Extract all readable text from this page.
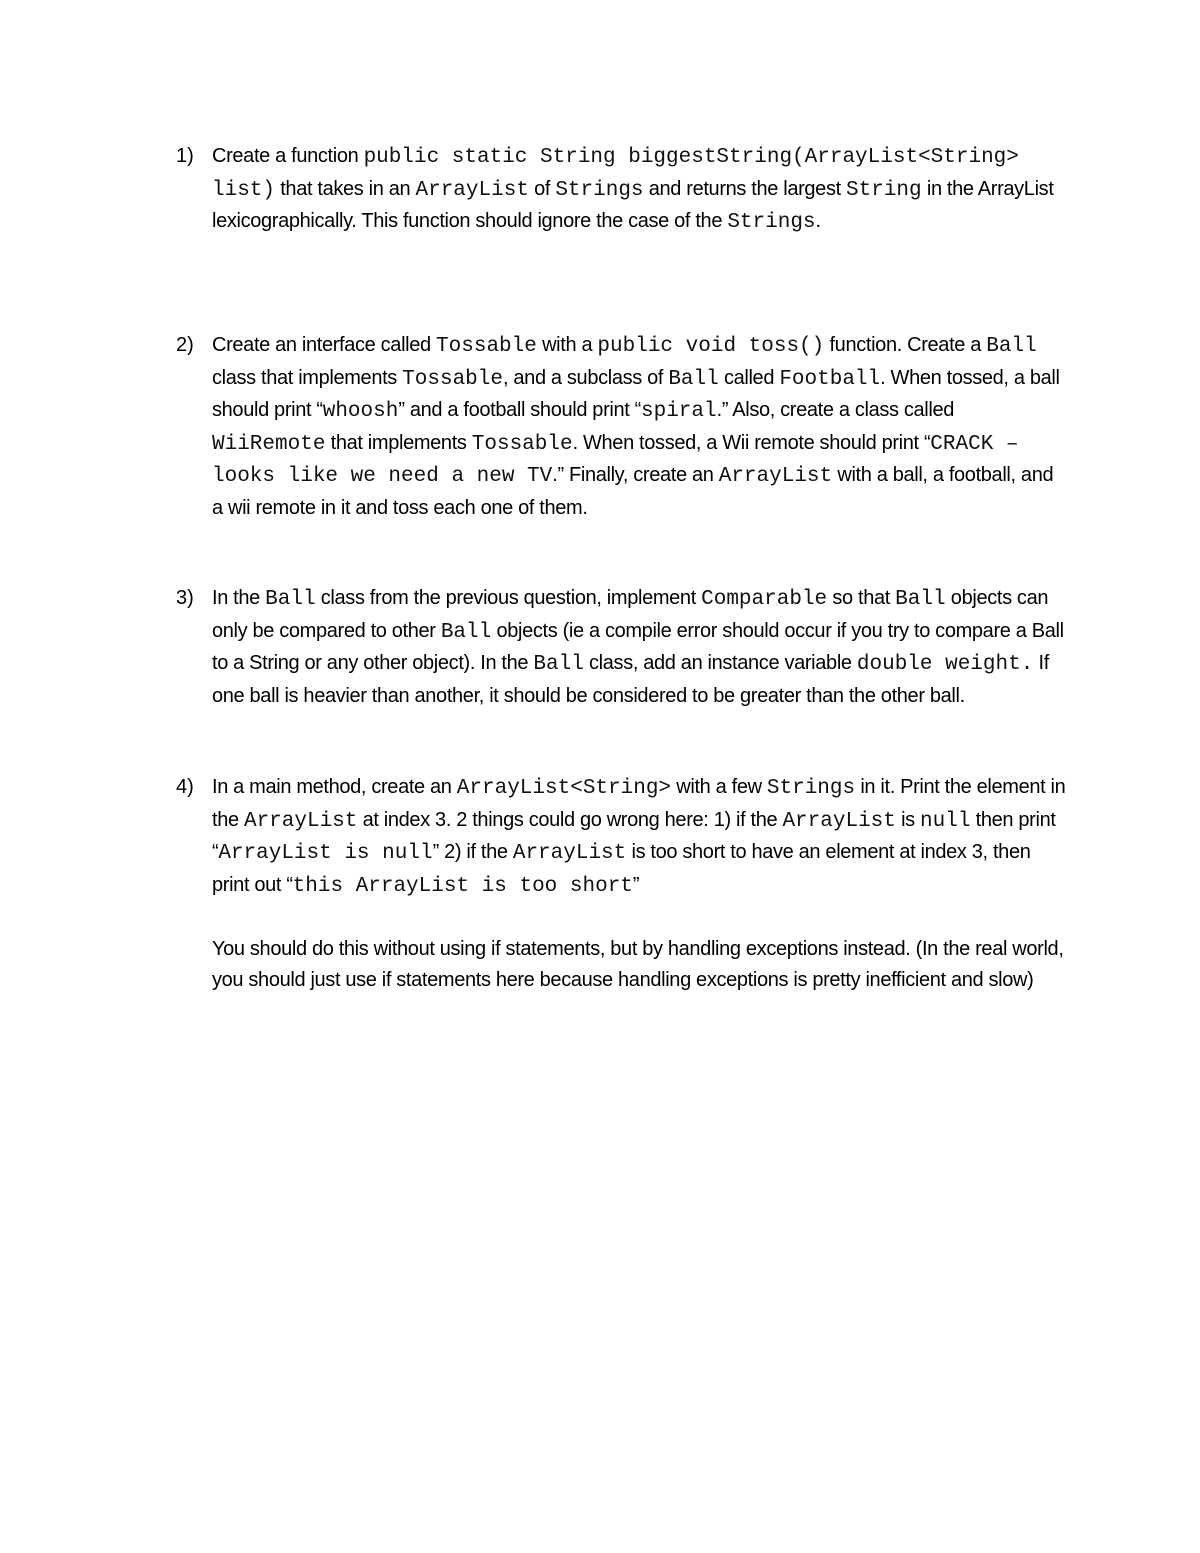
1) Create a function public static String biggestString(ArrayList<String> list) that takes in an ArrayList of Strings and returns the largest String in the ArrayList lexicographically. This function should ignore the case of the Strings.

2) Create an interface called Tossable with a public void toss() function. Create a Ball class that implements Tossable, and a subclass of Ball called Football. When tossed, a ball should print “whoosh” and a football should print “spiral.” Also, create a class called WiiRemote that implements Tossable. When tossed, a Wii remote should print “CRACK – looks like we need a new TV.” Finally, create an ArrayList with a ball, a football, and a wii remote in it and toss each one of them.

3) In the Ball class from the previous question, implement Comparable so that Ball objects can only be compared to other Ball objects (ie a compile error should occur if you try to compare a Ball to a String or any other object). In the Ball class, add an instance variable double weight. If one ball is heavier than another, it should be considered to be greater than the other ball.

4) In a main method, create an ArrayList<String> with a few Strings in it. Print the element in the ArrayList at index 3. 2 things could go wrong here: 1) if the ArrayList is null then print “ArrayList is null” 2) if the ArrayList is too short to have an element at index 3, then print out “this ArrayList is too short”

You should do this without using if statements, but by handling exceptions instead. (In the real world, you should just use if statements here because handling exceptions is pretty inefficient and slow)
